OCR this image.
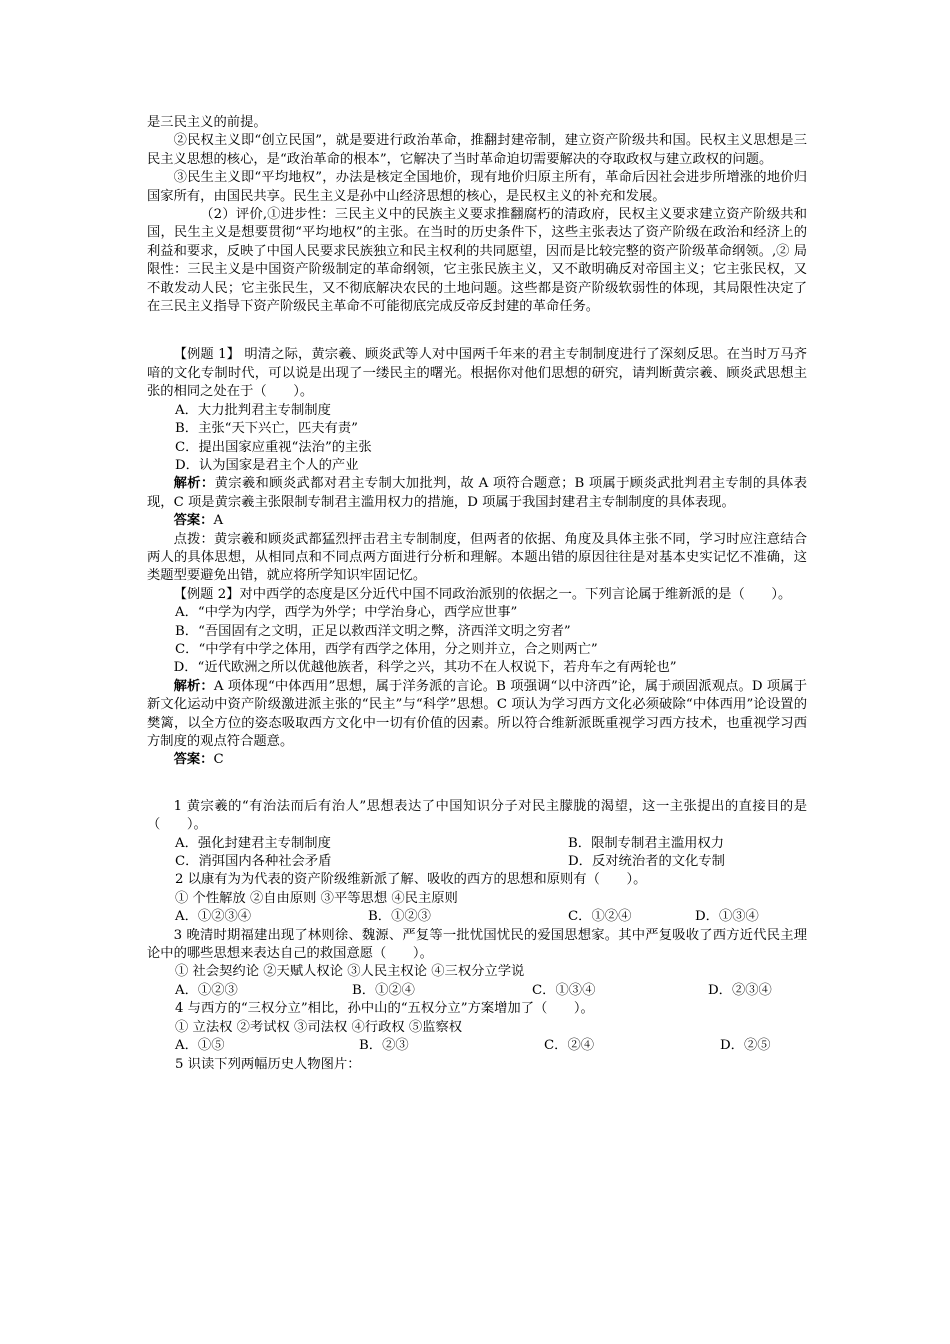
是三民主义的前提。

②民权主义即“创立民国”，就是要进行政治革命，推翻封建帝制，建立资产阶级共和国。民权主义思想是三民主义思想的核心，是“政治革命的根本”，它解决了当时革命迫切需要解决的夺取政权与建立政权的问题。

③民生主义即“平均地权”，办法是核定全国地价，现有地价归原主所有，革命后因社会进步所增涨的地价归国家所有，由国民共享。民生主义是孙中山经济思想的核心，是民权主义的补充和发展。

（2）评价,①进步性：三民主义中的民族主义要求推翻腐朽的清政府，民权主义要求建立资产阶级共和国，民生主义是想要贯彻“平均地权”的主张。在当时的历史条件下，这些主张表达了资产阶级在政治和经济上的利益和要求，反映了中国人民要求民族独立和民主权利的共同愿望，因而是比较完整的资产阶级革命纲领。,② 局限性：三民主义是中国资产阶级制定的革命纲领，它主张民族主义，又不敢明确反对帝国主义；它主张民权，又不敢发动人民；它主张民生，又不彻底解决农民的土地问题。这些都是资产阶级软弱性的体现，其局限性决定了在三民主义指导下资产阶级民主革命不可能彻底完成反帝反封建的革命任务。

【例题 1】 明清之际，黄宗羲、顾炎武等人对中国两千年来的君主专制制度进行了深刻反思。在当时万马齐喑的文化专制时代，可以说是出现了一缕民主的曙光。根据你对他们思想的研究，请判断黄宗羲、顾炎武思想主张的相同之处在于（　　）。

A．大力批判君主专制制度

B．主张“天下兴亡，匹夫有责”

C．提出国家应重视“法治”的主张

D．认为国家是君主个人的产业

解析：黄宗羲和顾炎武都对君主专制大加批判，故 A 项符合题意；B 项属于顾炎武批判君主专制的具体表现，C 项是黄宗羲主张限制专制君主滥用权力的措施，D 项属于我国封建君主专制制度的具体表现。

答案：A

点拨：黄宗羲和顾炎武都猛烈抨击君主专制制度，但两者的依据、角度及具体主张不同，学习时应注意结合两人的具体思想，从相同点和不同点两方面进行分析和理解。本题出错的原因往往是对基本史实记忆不准确，这类题型要避免出错，就应将所学知识牢固记忆。

【例题 2】对中西学的态度是区分近代中国不同政治派别的依据之一。下列言论属于维新派的是（　　）。

A．“中学为内学，西学为外学；中学治身心，西学应世事”

B．“吾国固有之文明，正足以救西洋文明之弊，济西洋文明之穷者”

C．“中学有中学之体用，西学有西学之体用，分之则并立，合之则两亡”

D．“近代欧洲之所以优越他族者，科学之兴，其功不在人权说下，若舟车之有两轮也”

解析：A 项体现“中体西用”思想，属于洋务派的言论。B 项强调“以中济西”论，属于顽固派观点。D 项属于新文化运动中资产阶级激进派主张的“民主”与“科学”思想。C 项认为学习西方文化必须破除“中体西用”论设置的樊篱，以全方位的姿态吸取西方文化中一切有价值的因素。所以符合维新派既重视学习西方技术，也重视学习西方制度的观点符合题意。

答案：C

1 黄宗羲的“有治法而后有治人”思想表达了中国知识分子对民主朦胧的渴望，这一主张提出的直接目的是（　　）。

A．强化封建君主专制制度	B．限制专制君主滥用权力
C．消弭国内各种社会矛盾	D．反对统治者的文化专制

2 以康有为为代表的资产阶级维新派了解、吸收的西方的思想和原则有（　　）。

① 个性解放 ②自由原则 ③平等思想 ④民主原则

A．①②③④	B．①②③	C．①②④	D．①③④

3 晚清时期福建出现了林则徐、魏源、严复等一批忧国忧民的爱国思想家。其中严复吸收了西方近代民主理论中的哪些思想来表达自己的救国意愿（　　）。

① 社会契约论 ②天赋人权论 ③人民主权论 ④三权分立学说

A．①②③	B．①②④	C．①③④	D．②③④

4 与西方的“三权分立”相比，孙中山的“五权分立”方案增加了（　　）。

① 立法权 ②考试权 ③司法权 ④行政权 ⑤监察权

A．①⑤	B．②③	C．②④	D．②⑤

5 识读下列两幅历史人物图片：
